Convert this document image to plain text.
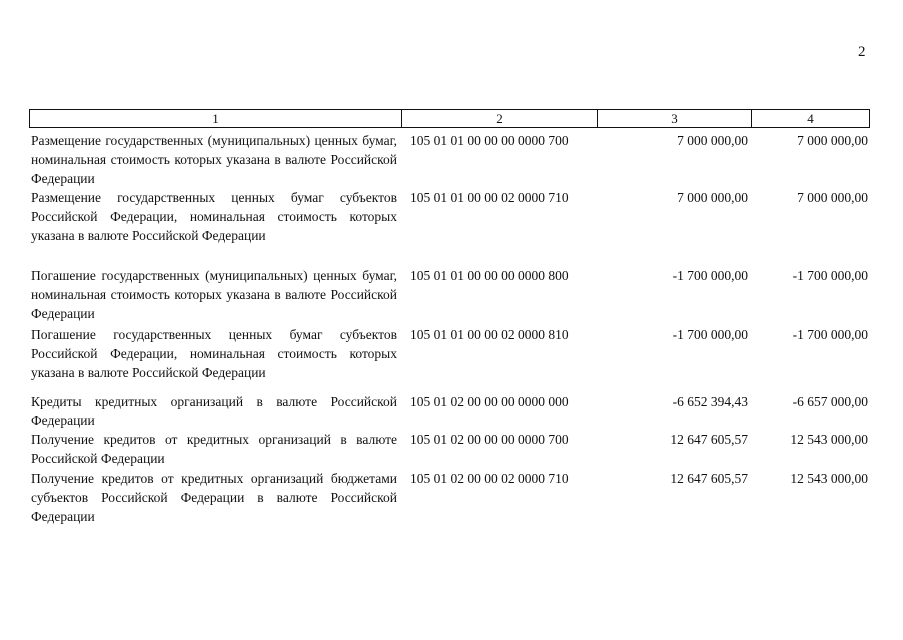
2
1	2	3	4
Размещение государственных (муниципальных) ценных бумаг, номинальная стоимость которых указана в валюте Российской Федерации
105 01 01 00 00 00 0000 700	7 000 000,00	7 000 000,00
Размещение государственных ценных бумаг субъектов Российской Федерации, номинальная стоимость которых указана в валюте Российской Федерации
105 01 01 00 00 02 0000 710	7 000 000,00	7 000 000,00
Погашение государственных (муниципальных) ценных бумаг, номинальная стоимость которых указана в валюте Российской Федерации
105 01 01 00 00 00 0000 800	-1 700 000,00	-1 700 000,00
Погашение государственных ценных бумаг субъектов Российской Федерации, номинальная стоимость которых указана в валюте Российской Федерации
105 01 01 00 00 02 0000 810	-1 700 000,00	-1 700 000,00
Кредиты кредитных организаций в валюте Российской Федерации
105 01 02 00 00 00 0000 000	-6 652 394,43	-6 657 000,00
Получение кредитов от кредитных организаций в валюте Российской Федерации
105 01 02 00 00 00 0000 700	12 647 605,57	12 543 000,00
Получение кредитов от кредитных организаций бюджетами субъектов Российской Федерации в валюте Российской Федерации
105 01 02 00 00 02 0000 710	12 647 605,57	12 543 000,00
